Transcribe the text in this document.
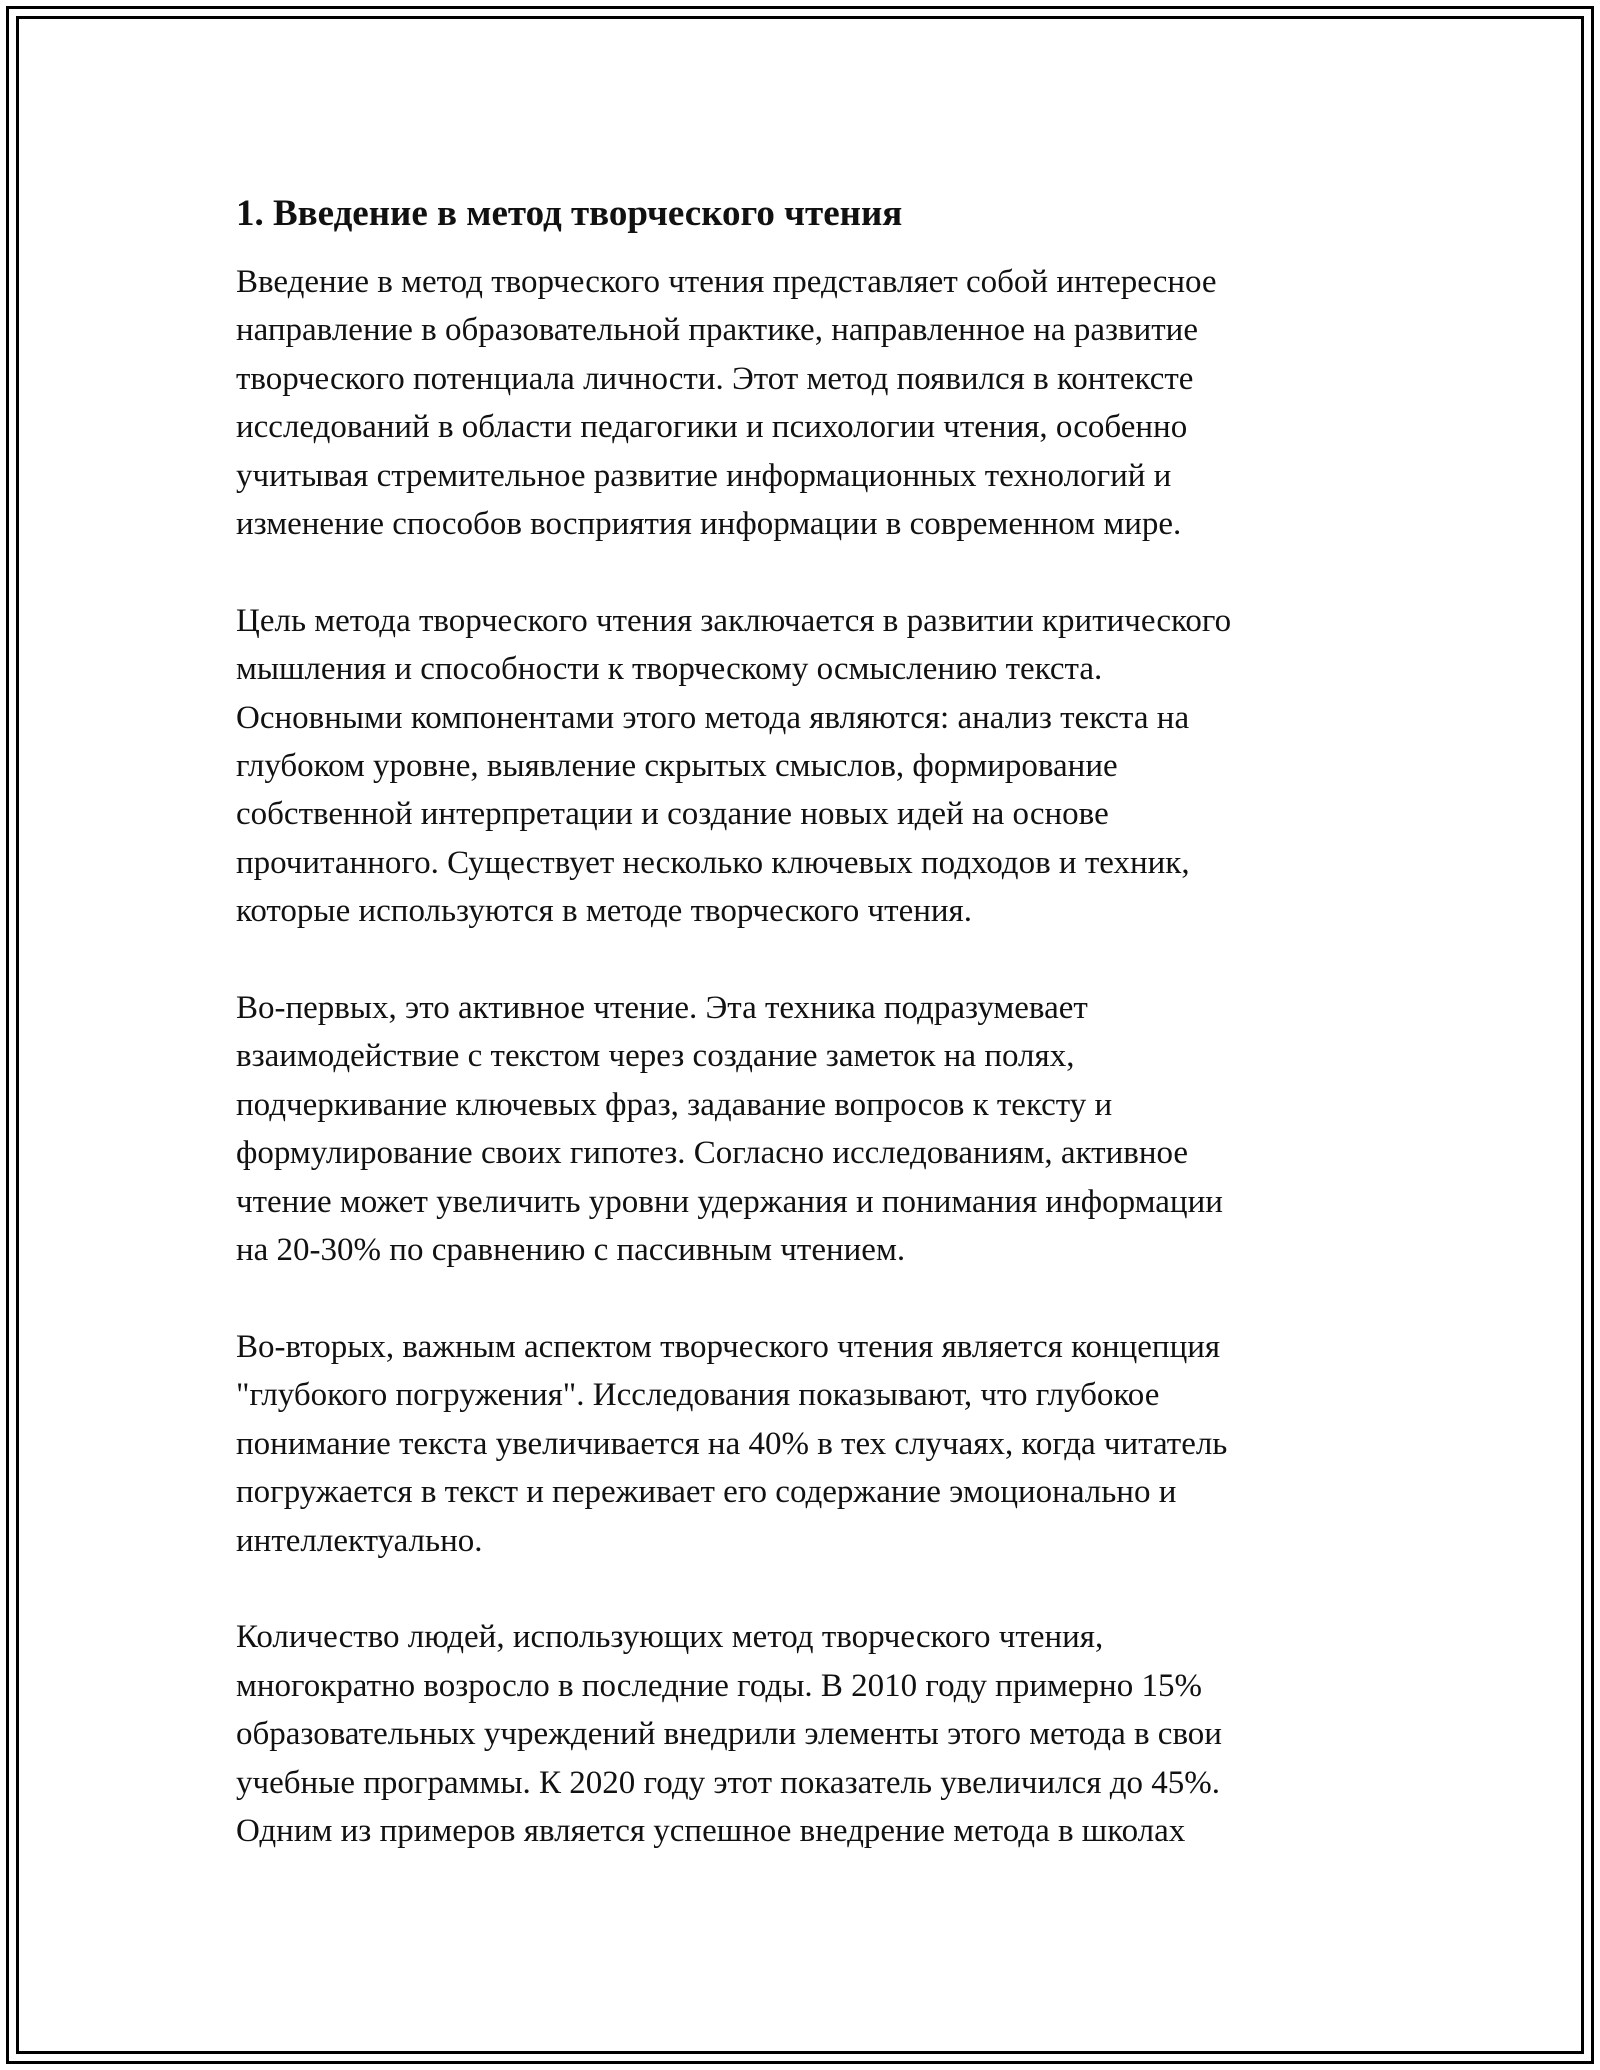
1. Введение в метод творческого чтения

Введение в метод творческого чтения представляет собой интересное
направление в образовательной практике, направленное на развитие
творческого потенциала личности. Этот метод появился в контексте
исследований в области педагогики и психологии чтения, особенно
учитывая стремительное развитие информационных технологий и
изменение способов восприятия информации в современном мире.

Цель метода творческого чтения заключается в развитии критического
мышления и способности к творческому осмыслению текста.
Основными компонентами этого метода являются: анализ текста на
глубоком уровне, выявление скрытых смыслов, формирование
собственной интерпретации и создание новых идей на основе
прочитанного. Существует несколько ключевых подходов и техник,
которые используются в методе творческого чтения.

Во-первых, это активное чтение. Эта техника подразумевает
взаимодействие с текстом через создание заметок на полях,
подчеркивание ключевых фраз, задавание вопросов к тексту и
формулирование своих гипотез. Согласно исследованиям, активное
чтение может увеличить уровни удержания и понимания информации
на 20-30% по сравнению с пассивным чтением.

Во-вторых, важным аспектом творческого чтения является концепция
"глубокого погружения". Исследования показывают, что глубокое
понимание текста увеличивается на 40% в тех случаях, когда читатель
погружается в текст и переживает его содержание эмоционально и
интеллектуально.

Количество людей, использующих метод творческого чтения,
многократно возросло в последние годы. В 2010 году примерно 15%
образовательных учреждений внедрили элементы этого метода в свои
учебные программы. К 2020 году этот показатель увеличился до 45%.
Одним из примеров является успешное внедрение метода в школах
